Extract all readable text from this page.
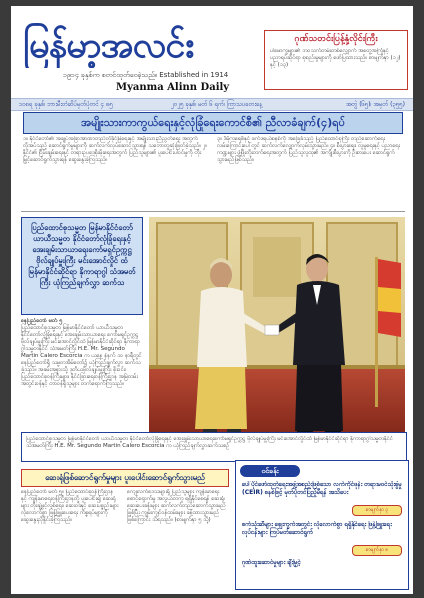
မြန်မာ့အလင်း
၁၉၁၄ ခုနှစ်က စတင်ထုတ်ဝေခဲ့သည်။ Established in 1914
Myanma Alinn Daily
ဂုဏ်သတင်းပြန့်နှံ့လိုင်းကြီး
ပါမောက္ခများ၏ ဘဝသက်တမ်းတစ်လျှောက် အတွေ့အကြုံနှင့် ပညာရပ်ဆိုင်ရာ စုစည်းမှုများကို ဖော်ပြထားသည်။ စာမျက်နှာ (၁၂) နှင့် (၁၃)
၁၀၈ရ ခုနှစ်၊ ဘားမီးတံဆိပ်မှတ်ပုံတင် ၄ ၈၅	၂၀၂၅ ခုနှစ်၊ မတ် ၆ ရက်၊ ကြာသပတေးနေ့	အတွဲ (၆၅)၊ အမှတ် (၃၅၅)
အမျိုးသားကာကွယ်ရေးနှင့်လုံခြုံရေးကောင်စီ၏ ညီလာခံချက်(၄)ရပ်
၁။ နိုင်ငံတော်၏ အချုပ်အခြာအာဏာတည်တံ့ခိုင်မြဲရေးနှင့် အမျိုးသားညီညွတ်ရေး အတွက် လိုအပ်သည့် ဆောင်ရွက်မှုများကို ဆက်လက်လုပ်ဆောင်သွားရန် သဘောတူဆုံးဖြတ်ခဲ့သည်။ ၂။ နိုင်ငံ၏ ငြိမ်းချမ်းရေးနှင့် တရားဥပဒေစိုးမိုးရေးအတွက် ပြည်သူများ၏ ပူးပေါင်းပါဝင်မှုကို တိုးမြှင့်ဆောင်ရွက်သွားရန် ဆွေးနွေးခဲ့ကြသည်။
၃။ ဒီမိုကရေစီနှင့် ဖက်ဒရယ်စနစ်ကို အခြေခံသည့် ပြည်ထောင်စုကြီး တည်ဆောက်ရေး လမ်းကြောင်းပေါ်တွင် ဆက်လက်လျှောက်လှမ်းသွားမည်။ ၄။ စီးပွားရေး၊ လူမှုရေးနှင့် ပညာရေးကဏ္ဍများ ဖွံ့ဖြိုးတိုးတက်ရေးအတွက် ပြည်သူလူထု၏ အကျိုးစီးပွားကို ဦးစားပေး ဆောင်ရွက်သွားမည်ဖြစ်သည်။
ပြည်ထောင်စုသမ္မတ မြန်မာနိုင်ငံတော် ယာယီသမ္မတ နိုင်ငံတော်လုံခြုံရေးနှင့် အေးချမ်းသာယာရေးကော်မရှင်ဥက္ကဋ္ဌ ဗိုလ်ချုပ်မှူးကြီး မင်းအောင်လှိုင် ထံ မြန်မာနိုင်ငံဆိုင်ရာ နိုကာရာဂွါ သံအမတ်ကြီး ယုံကြည်ချက်လွှာ ဆက်သ
နေပြည်တော် မတ် ၅
ပြည်ထောင်စုသမ္မတ မြန်မာနိုင်ငံတော် ယာယီသမ္မတ နိုင်ငံတော်လုံခြုံရေးနှင့် အေးချမ်းသာယာရေး ကော်မရှင်ဥက္ကဋ္ဌ ဗိုလ်ချုပ်မှူးကြီး မင်းအောင်လှိုင်ထံ မြန်မာနိုင်ငံဆိုင်ရာ နိုကာရာဂွါသမ္မတနိုင်ငံ သံအမတ်ကြီး H.E. Mr. Segundo Martin Calero Escorcia က ယနေ့ နံနက် ၁၀ နာရီတွင် နေပြည်တော်ရှိ သမ္မတအိမ်တော်၌ ယုံကြည်ချက်လွှာ ဆက်သခဲ့သည်။ အခမ်းအနားသို့ ဒုတိယဗိုလ်ချုပ်မှူးကြီး စိုးဝင်း၊ ပြည်ထောင်စုဝန်ကြီးများ၊ နိုင်ငံခြားရေးဝန်ကြီးဌာန အမြဲတမ်းအတွင်းဝန်နှင့် တာဝန်ရှိသူများ တက်ရောက်ကြသည်။
ပြည်ထောင်စုသမ္မတ မြန်မာနိုင်ငံတော် ယာယီသမ္မတ နိုင်ငံတော်လုံခြုံရေးနှင့် အေးချမ်းသာယာရေးကော်မရှင်ဥက္ကဋ္ဌ ဗိုလ်ချုပ်မှူးကြီး မင်းအောင်လှိုင်ထံ မြန်မာနိုင်ငံဆိုင်ရာ နိုကာရာဂွါသမ္မတနိုင်ငံ သံအမတ်ကြီး H.E. Mr. Segundo Martin Calero Escorcia က ယုံကြည်ချက်လွှာဆက်သစဉ်
ဆေးရုံဖြစ်ဆောင်ရွက်မှုများ ပူးပေါင်းဆောင်ရွက်သွားမည်
နေပြည်တော် မတ် ၅။ ပြည်ထောင်စုဝန်ကြီးဌာနနှင့် ကျန်းမာရေးဝန်ကြီးဌာနတို့ ပူးပေါင်း၍ ဆေးရုံများ တိုးချဲ့ဖွင့်လှစ်ရေး၊ ဆေးဝါးနှင့် ဆေးပစ္စည်းများ လုံလောက်စွာ ဖြန့်ဖြူးပေးရေး ကိစ္စရပ်များကို ဆွေးနွေးညှိနှိုင်းခဲ့ကြသည်။
ကျေးလက်ဒေသများရှိ ပြည်သူများ ကျန်းမာရေးစောင့်ရှောက်မှု အလွယ်တကူ ရရှိနိုင်စေရန် ဆေးရုံ၊ ဆေးပေးခန်းများ ဆက်လက်တည်ဆောက်သွားမည်ဖြစ်ပြီး ကျွမ်းကျင်ဝန်ထမ်းများ ခန့်ထားသွားမည်ဖြစ်ကြောင်း သိရသည်။ (စာမျက်နှာ ၅ သို့)
ဝင်ခန်း
ပေါ်ပိုင်ဖော်ထုတ်ရေးအဖွဲ့အစည်းဖြစ်သော လက်ကိုင်ဖုန်း တရားမဝင်သုံးစွဲမှု (CEIR) စနစ်ဖြင့် မှတ်ပုံတင်ပြည့်မီရန် အသိပေး
စာမျက်နှာ ၃
စက်သုံးဆီများ ဈေးကွက်အတွင်း လုံလောက်စွာ ရရှိနိုင်ရေး ဖြန့်ဖြူးရေးလုပ်ငန်းများ ကြပ်မတ်ဆောင်ရွက်
စာမျက်နှာ ၈
ဂုဏ်ထူးဆောင်မှုများ ချီးမြှင့်
